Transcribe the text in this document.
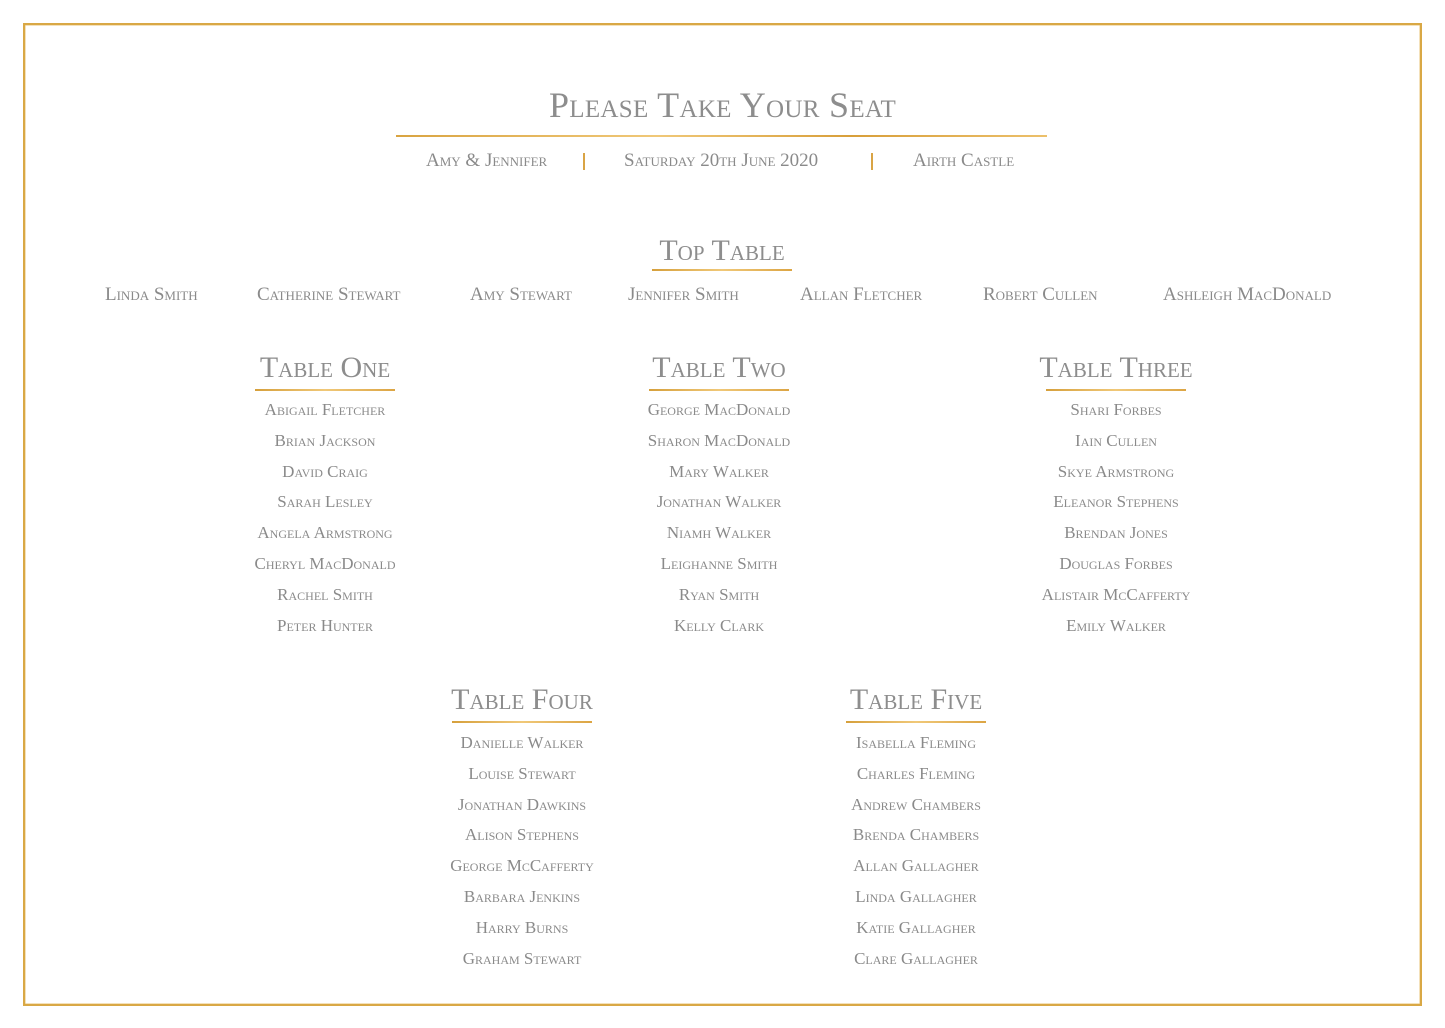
Please Take Your Seat
Amy & Jennifer	Saturday 20th June 2020	Airth Castle
Top Table
Linda Smith	Catherine Stewart	Amy Stewart	Jennifer Smith	Allan Fletcher	Robert Cullen	Ashleigh MacDonald
Table One
Abigail Fletcher
Brian Jackson
David Craig
Sarah Lesley
Angela Armstrong
Cheryl MacDonald
Rachel Smith
Peter Hunter
Table Two
George MacDonald
Sharon MacDonald
Mary Walker
Jonathan Walker
Niamh Walker
Leighanne Smith
Ryan Smith
Kelly Clark
Table Three
Shari Forbes
Iain Cullen
Skye Armstrong
Eleanor Stephens
Brendan Jones
Douglas Forbes
Alistair McCafferty
Emily Walker
Table Four
Danielle Walker
Louise Stewart
Jonathan Dawkins
Alison Stephens
George McCafferty
Barbara Jenkins
Harry Burns
Graham Stewart
Table Five
Isabella Fleming
Charles Fleming
Andrew Chambers
Brenda Chambers
Allan Gallagher
Linda Gallagher
Katie Gallagher
Clare Gallagher
